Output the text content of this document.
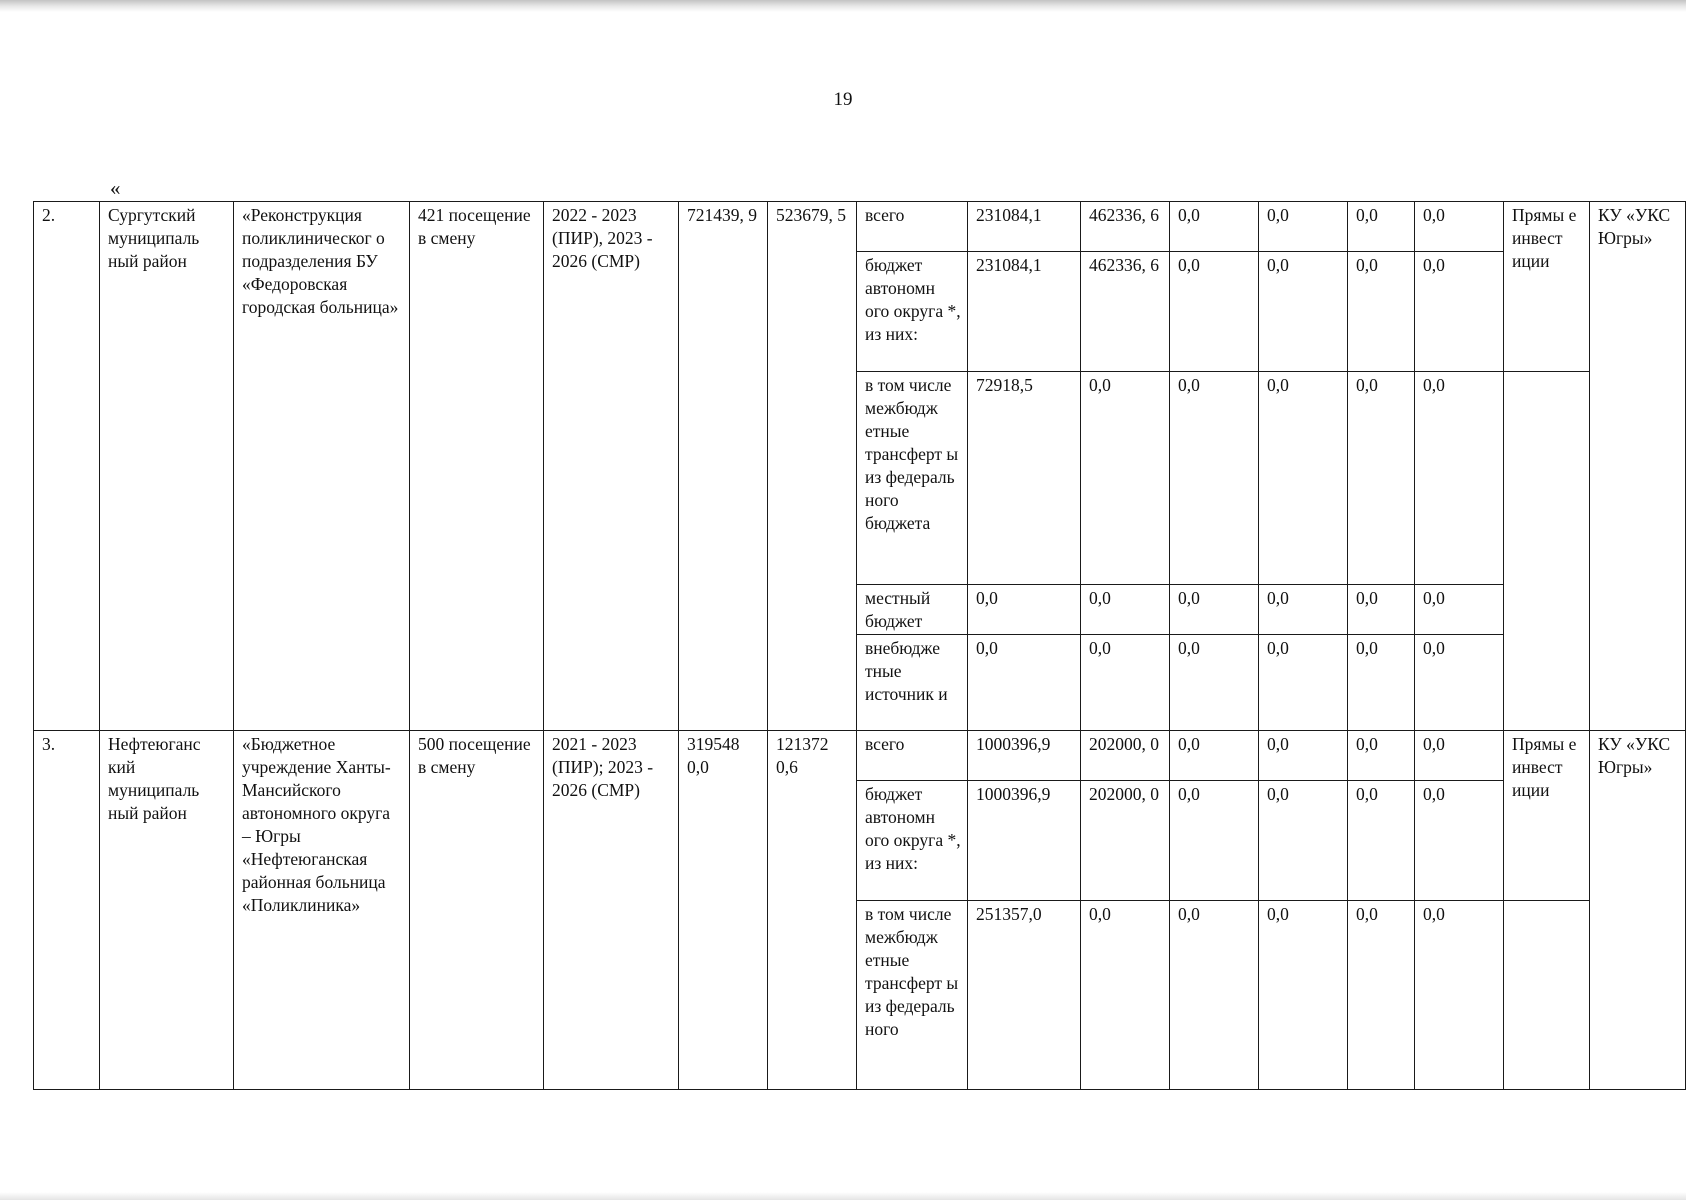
19
«
2.	Сургутский муниципаль ный район	«Реконструкция поликлиническог о подразделения БУ «Федоровская городская больница»	421 посещение в смену	2022 - 2023 (ПИР), 2023 - 2026 (СМР)	721439, 9	523679, 5	всего	231084,1	462336, 6	0,0	0,0	0,0	0,0	Прямы е инвест иции	КУ «УКС Югры»
							бюджет автономн ого округа *, из них:	231084,1	462336, 6	0,0	0,0	0,0	0,0		
							в том числе межбюдж етные трансферт ы из федераль ного бюджета	72918,5	0,0	0,0	0,0	0,0	0,0		
							местный бюджет	0,0	0,0	0,0	0,0	0,0	0,0		
							внебюдже тные источник и	0,0	0,0	0,0	0,0	0,0	0,0		
3.	Нефтеюганс кий муниципаль ный район	«Бюджетное учреждение Ханты- Мансийского автономного округа – Югры «Нефтеюганская районная больница «Поликлиника»	500 посещение в смену	2021 - 2023 (ПИР); 2023 - 2026 (СМР)	319548 0,0	121372 0,6	всего	1000396,9	202000, 0	0,0	0,0	0,0	0,0	Прямы е инвест иции	КУ «УКС Югры»
							бюджет автономн ого округа *, из них:	1000396,9	202000, 0	0,0	0,0	0,0	0,0		
							в том числе межбюдж етные трансферт ы из федераль ного	251357,0	0,0	0,0	0,0	0,0	0,0		
